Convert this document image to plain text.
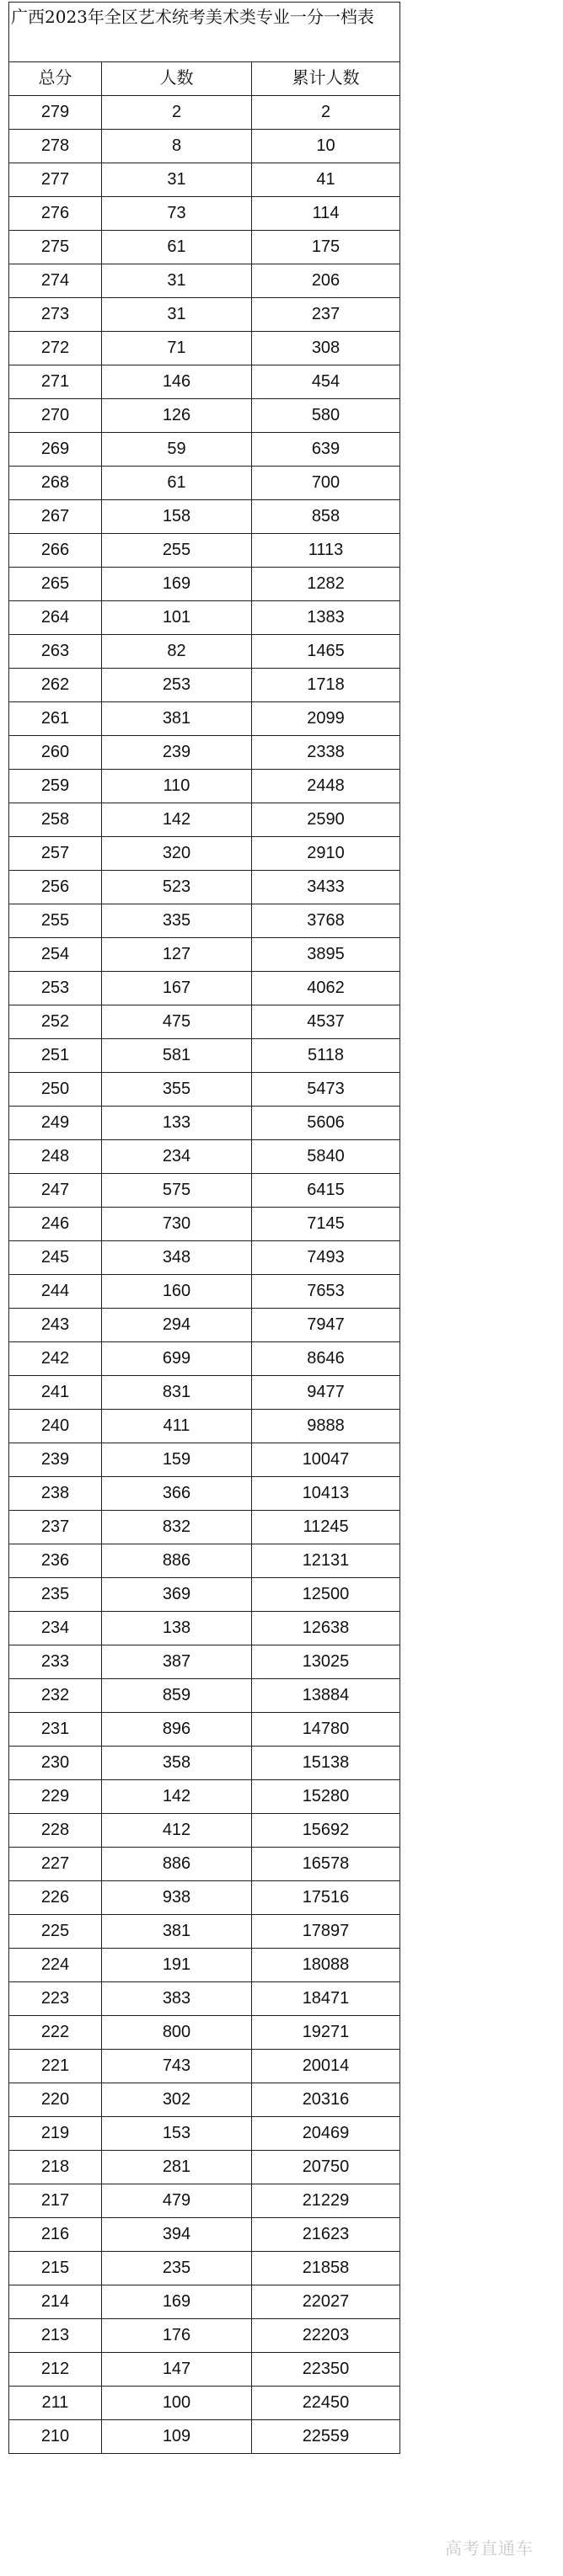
广西2023年全区艺术统考美术类专业一分一档表		
总分	人数	累计人数
279	2	2
278	8	10
277	31	41
276	73	114
275	61	175
274	31	206
273	31	237
272	71	308
271	146	454
270	126	580
269	59	639
268	61	700
267	158	858
266	255	1113
265	169	1282
264	101	1383
263	82	1465
262	253	1718
261	381	2099
260	239	2338
259	110	2448
258	142	2590
257	320	2910
256	523	3433
255	335	3768
254	127	3895
253	167	4062
252	475	4537
251	581	5118
250	355	5473
249	133	5606
248	234	5840
247	575	6415
246	730	7145
245	348	7493
244	160	7653
243	294	7947
242	699	8646
241	831	9477
240	411	9888
239	159	10047
238	366	10413
237	832	11245
236	886	12131
235	369	12500
234	138	12638
233	387	13025
232	859	13884
231	896	14780
230	358	15138
229	142	15280
228	412	15692
227	886	16578
226	938	17516
225	381	17897
224	191	18088
223	383	18471
222	800	19271
221	743	20014
220	302	20316
219	153	20469
218	281	20750
217	479	21229
216	394	21623
215	235	21858
214	169	22027
213	176	22203
212	147	22350
211	100	22450
210	109	22559
高考直通车
